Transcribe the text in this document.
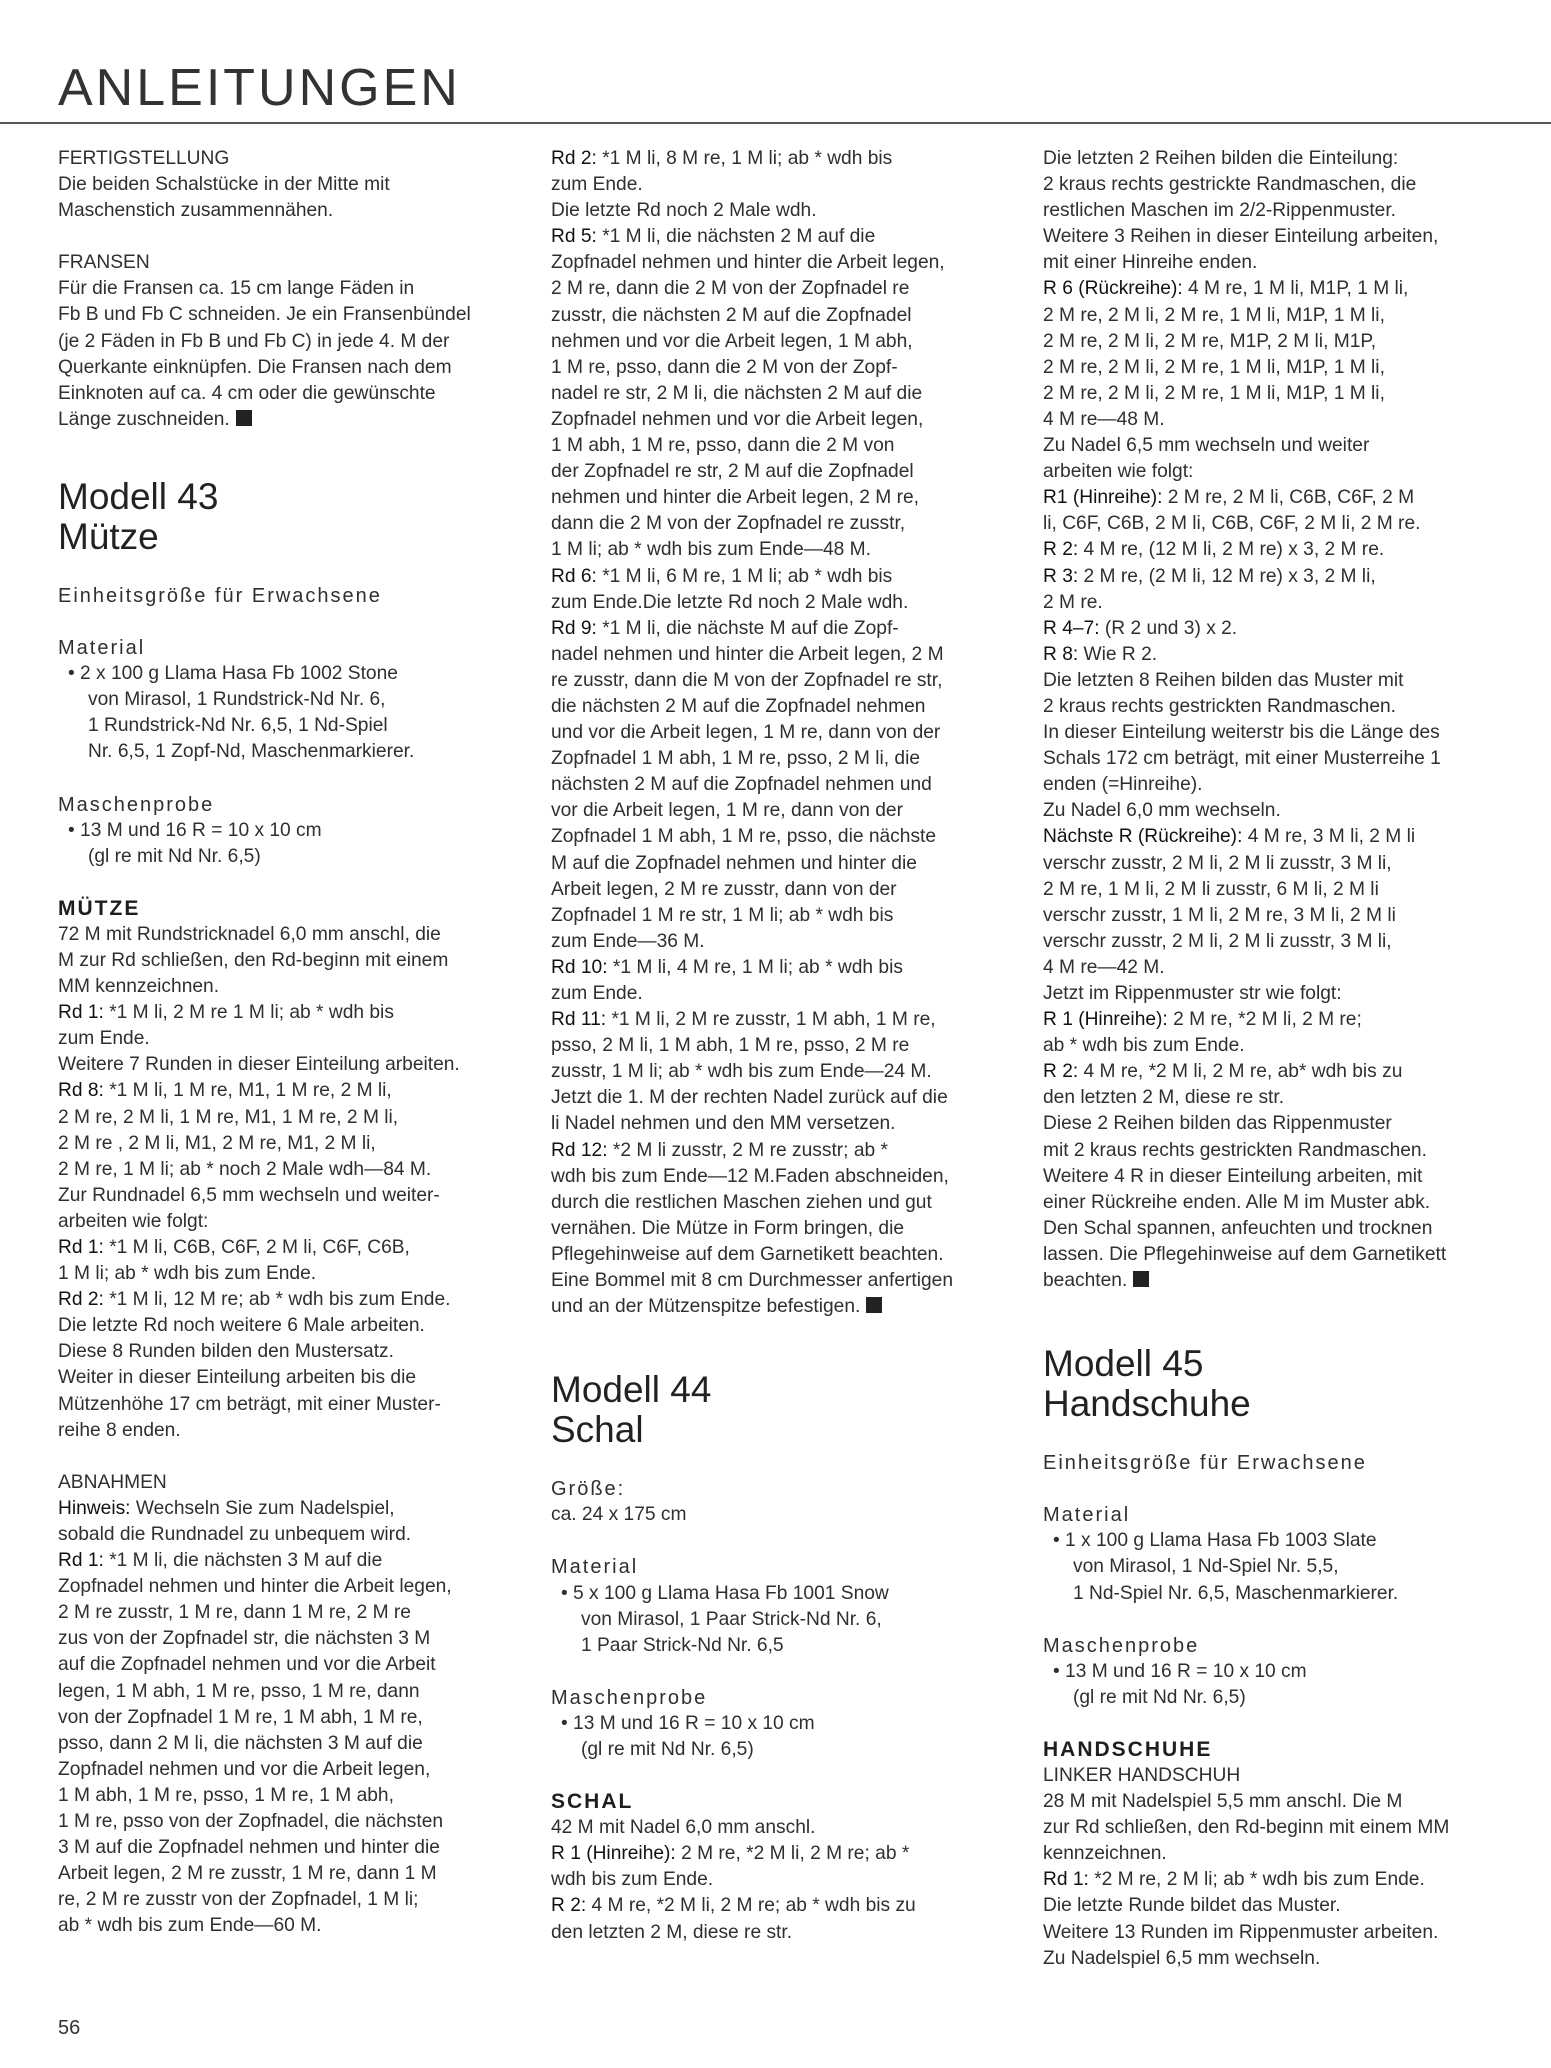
ANLEITUNGEN
FERTIGSTELLUNG
Die beiden Schalstücke in der Mitte mit
Maschenstich zusammennähen.
FRANSEN
Für die Fransen ca. 15 cm lange Fäden in
Fb B und Fb C schneiden. Je ein Fransenbündel
(je 2 Fäden in Fb B und Fb C) in jede 4. M der
Querkante einknüpfen. Die Fransen nach dem
Einknoten auf ca. 4 cm oder die gewünschte
Länge zuschneiden.
Modell 43
Mütze
Einheitsgröße für Erwachsene
Material
• 2 x 100 g Llama Hasa Fb 1002 Stone
von Mirasol, 1 Rundstrick-Nd Nr. 6,
1 Rundstrick-Nd Nr. 6,5, 1 Nd-Spiel
Nr. 6,5, 1 Zopf-Nd, Maschenmarkierer.
Maschenprobe
• 13 M und 16 R = 10 x 10 cm
(gl re mit Nd Nr. 6,5)
MÜTZE
72 M mit Rundstricknadel 6,0 mm anschl, die
M zur Rd schließen, den Rd-beginn mit einem
MM kennzeichnen.
Rd 1: *1 M li, 2 M re 1 M li; ab * wdh bis
zum Ende.
Weitere 7 Runden in dieser Einteilung arbeiten.
Rd 8: *1 M li, 1 M re, M1, 1 M re, 2 M li,
2 M re, 2 M li, 1 M re, M1, 1 M re, 2 M li,
2 M re , 2 M li, M1, 2 M re, M1, 2 M li,
2 M re, 1 M li; ab * noch 2 Male wdh—84 M.
Zur Rundnadel 6,5 mm wechseln und weiter-
arbeiten wie folgt:
Rd 1: *1 M li, C6B, C6F, 2 M li, C6F, C6B,
1 M li; ab * wdh bis zum Ende.
Rd 2: *1 M li, 12 M re; ab * wdh bis zum Ende.
Die letzte Rd noch weitere 6 Male arbeiten.
Diese 8 Runden bilden den Mustersatz.
Weiter in dieser Einteilung arbeiten bis die
Mützenhöhe 17 cm beträgt, mit einer Muster-
reihe 8 enden.
ABNAHMEN
Hinweis: Wechseln Sie zum Nadelspiel,
sobald die Rundnadel zu unbequem wird.
Rd 1: *1 M li, die nächsten 3 M auf die
Zopfnadel nehmen und hinter die Arbeit legen,
2 M re zusstr, 1 M re, dann 1 M re, 2 M re
zus von der Zopfnadel str, die nächsten 3 M
auf die Zopfnadel nehmen und vor die Arbeit
legen, 1 M abh, 1 M re, psso, 1 M re, dann
von der Zopfnadel 1 M re, 1 M abh, 1 M re,
psso, dann 2 M li, die nächsten 3 M auf die
Zopfnadel nehmen und vor die Arbeit legen,
1 M abh, 1 M re, psso, 1 M re, 1 M abh,
1 M re, psso von der Zopfnadel, die nächsten
3 M auf die Zopfnadel nehmen und hinter die
Arbeit legen, 2 M re zusstr, 1 M re, dann 1 M
re, 2 M re zusstr von der Zopfnadel, 1 M li;
ab * wdh bis zum Ende—60 M.
Rd 2: *1 M li, 8 M re, 1 M li; ab * wdh bis
zum Ende.
Die letzte Rd noch 2 Male wdh.
Rd 5: *1 M li, die nächsten 2 M auf die
Zopfnadel nehmen und hinter die Arbeit legen,
2 M re, dann die 2 M von der Zopfnadel re
zusstr, die nächsten 2 M auf die Zopfnadel
nehmen und vor die Arbeit legen, 1 M abh,
1 M re, psso, dann die 2 M von der Zopf-
nadel re str, 2 M li, die nächsten 2 M auf die
Zopfnadel nehmen und vor die Arbeit legen,
1 M abh, 1 M re, psso, dann die 2 M von
der Zopfnadel re str, 2 M auf die Zopfnadel
nehmen und hinter die Arbeit legen, 2 M re,
dann die 2 M von der Zopfnadel re zusstr,
1 M li; ab * wdh bis zum Ende—48 M.
Rd 6: *1 M li, 6 M re, 1 M li; ab * wdh bis
zum Ende.Die letzte Rd noch 2 Male wdh.
Rd 9: *1 M li, die nächste M auf die Zopf-
nadel nehmen und hinter die Arbeit legen, 2 M
re zusstr, dann die M von der Zopfnadel re str,
die nächsten 2 M auf die Zopfnadel nehmen
und vor die Arbeit legen, 1 M re, dann von der
Zopfnadel 1 M abh, 1 M re, psso, 2 M li, die
nächsten 2 M auf die Zopfnadel nehmen und
vor die Arbeit legen, 1 M re, dann von der
Zopfnadel 1 M abh, 1 M re, psso, die nächste
M auf die Zopfnadel nehmen und hinter die
Arbeit legen, 2 M re zusstr, dann von der
Zopfnadel 1 M re str, 1 M li; ab * wdh bis
zum Ende—36 M.
Rd 10: *1 M li, 4 M re, 1 M li; ab * wdh bis
zum Ende.
Rd 11: *1 M li, 2 M re zusstr, 1 M abh, 1 M re,
psso, 2 M li, 1 M abh, 1 M re, psso, 2 M re
zusstr, 1 M li; ab * wdh bis zum Ende—24 M.
Jetzt die 1. M der rechten Nadel zurück auf die
li Nadel nehmen und den MM versetzen.
Rd 12: *2 M li zusstr, 2 M re zusstr; ab *
wdh bis zum Ende—12 M.Faden abschneiden,
durch die restlichen Maschen ziehen und gut
vernähen. Die Mütze in Form bringen, die
Pflegehinweise auf dem Garnetikett beachten.
Eine Bommel mit 8 cm Durchmesser anfertigen
und an der Mützenspitze befestigen.
Modell 44
Schal
Größe:
ca. 24 x 175 cm
Material
• 5 x 100 g Llama Hasa Fb 1001 Snow
von Mirasol, 1 Paar Strick-Nd Nr. 6,
1 Paar Strick-Nd Nr. 6,5
Maschenprobe
• 13 M und 16 R = 10 x 10 cm
(gl re mit Nd Nr. 6,5)
SCHAL
42 M mit Nadel 6,0 mm anschl.
R 1 (Hinreihe): 2 M re, *2 M li, 2 M re; ab *
wdh bis zum Ende.
R 2: 4 M re, *2 M li, 2 M re; ab * wdh bis zu
den letzten 2 M, diese re str.
Die letzten 2 Reihen bilden die Einteilung:
2 kraus rechts gestrickte Randmaschen, die
restlichen Maschen im 2/2-Rippenmuster.
Weitere 3 Reihen in dieser Einteilung arbeiten,
mit einer Hinreihe enden.
R 6 (Rückreihe): 4 M re, 1 M li, M1P, 1 M li,
2 M re, 2 M li, 2 M re, 1 M li, M1P, 1 M li,
2 M re, 2 M li, 2 M re, M1P, 2 M li, M1P,
2 M re, 2 M li, 2 M re, 1 M li, M1P, 1 M li,
2 M re, 2 M li, 2 M re, 1 M li, M1P, 1 M li,
4 M re—48 M.
Zu Nadel 6,5 mm wechseln und weiter
arbeiten wie folgt:
R1 (Hinreihe): 2 M re, 2 M li, C6B, C6F, 2 M
li, C6F, C6B, 2 M li, C6B, C6F, 2 M li, 2 M re.
R 2: 4 M re, (12 M li, 2 M re) x 3, 2 M re.
R 3: 2 M re, (2 M li, 12 M re) x 3, 2 M li,
2 M re.
R 4–7: (R 2 und 3) x 2.
R 8: Wie R 2.
Die letzten 8 Reihen bilden das Muster mit
2 kraus rechts gestrickten Randmaschen.
In dieser Einteilung weiterstr bis die Länge des
Schals 172 cm beträgt, mit einer Musterreihe 1
enden (=Hinreihe).
Zu Nadel 6,0 mm wechseln.
Nächste R (Rückreihe): 4 M re, 3 M li, 2 M li
verschr zusstr, 2 M li, 2 M li zusstr, 3 M li,
2 M re, 1 M li, 2 M li zusstr, 6 M li, 2 M li
verschr zusstr, 1 M li, 2 M re, 3 M li, 2 M li
verschr zusstr, 2 M li, 2 M li zusstr, 3 M li,
4 M re—42 M.
Jetzt im Rippenmuster str wie folgt:
R 1 (Hinreihe): 2 M re, *2 M li, 2 M re;
ab * wdh bis zum Ende.
R 2: 4 M re, *2 M li, 2 M re, ab* wdh bis zu
den letzten 2 M, diese re str.
Diese 2 Reihen bilden das Rippenmuster
mit 2 kraus rechts gestrickten Randmaschen.
Weitere 4 R in dieser Einteilung arbeiten, mit
einer Rückreihe enden. Alle M im Muster abk.
Den Schal spannen, anfeuchten und trocknen
lassen. Die Pflegehinweise auf dem Garnetikett
beachten.
Modell 45
Handschuhe
Einheitsgröße für Erwachsene
Material
• 1 x 100 g Llama Hasa Fb 1003 Slate
von Mirasol, 1 Nd-Spiel Nr. 5,5,
1 Nd-Spiel Nr. 6,5, Maschenmarkierer.
Maschenprobe
• 13 M und 16 R = 10 x 10 cm
(gl re mit Nd Nr. 6,5)
HANDSCHUHE
LINKER HANDSCHUH
28 M mit Nadelspiel 5,5 mm anschl. Die M
zur Rd schließen, den Rd-beginn mit einem MM
kennzeichnen.
Rd 1: *2 M re, 2 M li; ab * wdh bis zum Ende.
Die letzte Runde bildet das Muster.
Weitere 13 Runden im Rippenmuster arbeiten.
Zu Nadelspiel 6,5 mm wechseln.
56
